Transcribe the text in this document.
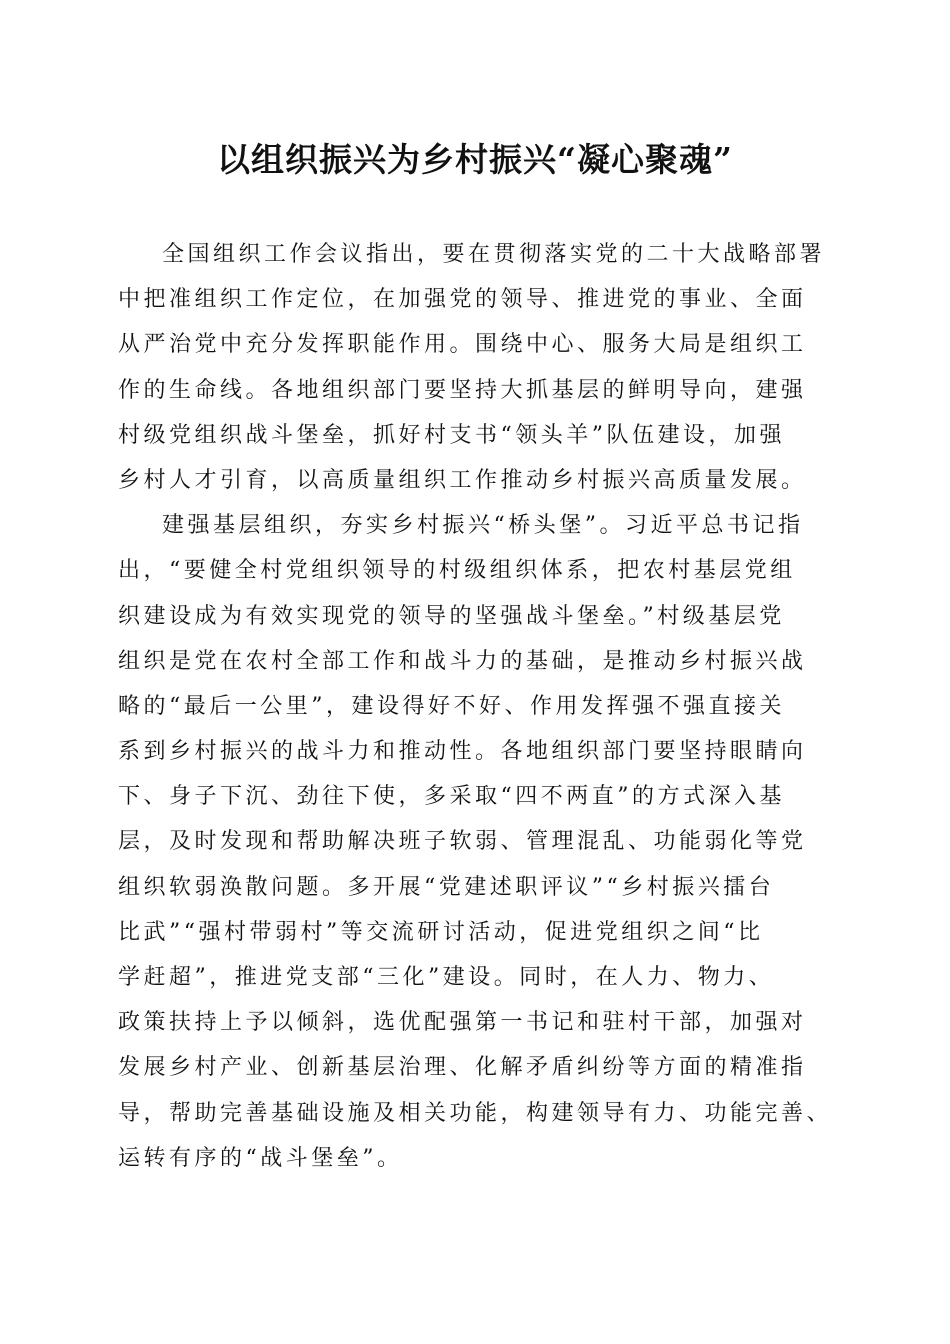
以组织振兴为乡村振兴“凝心聚魂”
全国组织工作会议指出，要在贯彻落实党的二十大战略部署
中把准组织工作定位，在加强党的领导、推进党的事业、全面
从严治党中充分发挥职能作用。围绕中心、服务大局是组织工
作的生命线。各地组织部门要坚持大抓基层的鲜明导向，建强
村级党组织战斗堡垒，抓好村支书“领头羊”队伍建设，加强
乡村人才引育，以高质量组织工作推动乡村振兴高质量发展。
建强基层组织，夯实乡村振兴“桥头堡”。习近平总书记指
出，“要健全村党组织领导的村级组织体系，把农村基层党组
织建设成为有效实现党的领导的坚强战斗堡垒。”村级基层党
组织是党在农村全部工作和战斗力的基础，是推动乡村振兴战
略的“最后一公里”，建设得好不好、作用发挥强不强直接关
系到乡村振兴的战斗力和推动性。各地组织部门要坚持眼睛向
下、身子下沉、劲往下使，多采取“四不两直”的方式深入基
层，及时发现和帮助解决班子软弱、管理混乱、功能弱化等党
组织软弱涣散问题。多开展“党建述职评议”“乡村振兴擂台
比武”“强村带弱村”等交流研讨活动，促进党组织之间“比
学赶超”，推进党支部“三化”建设。同时，在人力、物力、
政策扶持上予以倾斜，选优配强第一书记和驻村干部，加强对
发展乡村产业、创新基层治理、化解矛盾纠纷等方面的精准指
导，帮助完善基础设施及相关功能，构建领导有力、功能完善、
运转有序的“战斗堡垒”。
